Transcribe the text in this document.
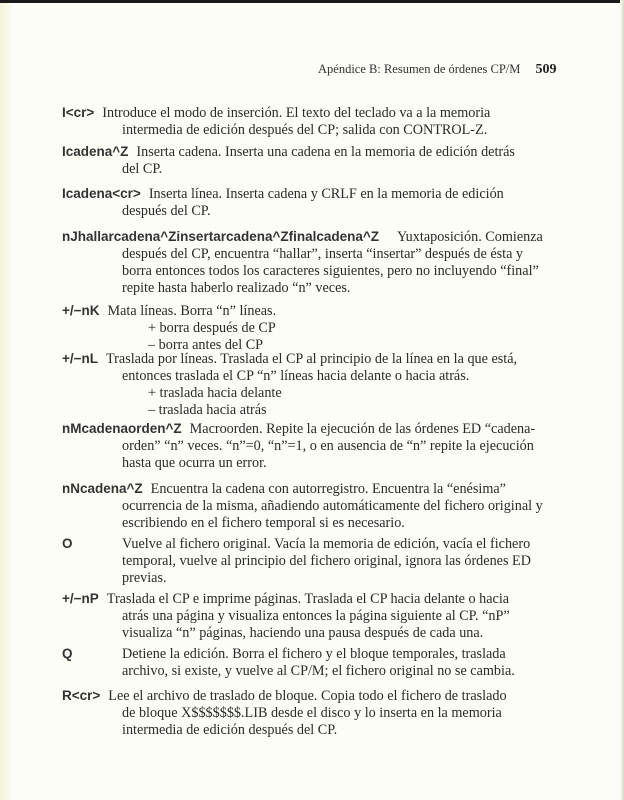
Apéndice B: Resumen de órdenes CP/M 509
I<cr> Introduce el modo de inserción. El texto del teclado va a la memoria
intermedia de edición después del CP; salida con CONTROL-Z.
Icadena^Z Inserta cadena. Inserta una cadena en la memoria de edición detrás
del CP.
Icadena<cr> Inserta línea. Inserta cadena y CRLF en la memoria de edición
después del CP.
nJhallarcadena^Zinsertarcadena^Zfinalcadena^Z Yuxtaposición. Comienza
después del CP, encuentra “hallar”, inserta “insertar” después de ésta y
borra entonces todos los caracteres siguientes, pero no incluyendo “final”
repite hasta haberlo realizado “n” veces.
+/−nK Mata líneas. Borra “n” líneas.
+ borra después de CP
– borra antes del CP
+/−nL Traslada por líneas. Traslada el CP al principio de la línea en la que está,
entonces traslada el CP “n” líneas hacia delante o hacia atrás.
+ traslada hacia delante
– traslada hacia atrás
nMcadenaorden^Z Macroorden. Repite la ejecución de las órdenes ED “cadena-
orden” “n” veces. “n”=0, “n”=1, o en ausencia de “n” repite la ejecución
hasta que ocurra un error.
nNcadena^Z Encuentra la cadena con autorregistro. Encuentra la “enésima”
ocurrencia de la misma, añadiendo automáticamente del fichero original y
escribiendo en el fichero temporal si es necesario.
O	Vuelve al fichero original. Vacía la memoria de edición, vacía el fichero
temporal, vuelve al principio del fichero original, ignora las órdenes ED
previas.
+/−nP Traslada el CP e imprime páginas. Traslada el CP hacia delante o hacia
atrás una página y visualiza entonces la página siguiente al CP. “nP”
visualiza “n” páginas, haciendo una pausa después de cada una.
Q	Detiene la edición. Borra el fichero y el bloque temporales, traslada
archivo, si existe, y vuelve al CP/M; el fichero original no se cambia.
R<cr> Lee el archivo de traslado de bloque. Copia todo el fichero de traslado
de bloque X$$$$$$$.LIB desde el disco y lo inserta en la memoria
intermedia de edición después del CP.
